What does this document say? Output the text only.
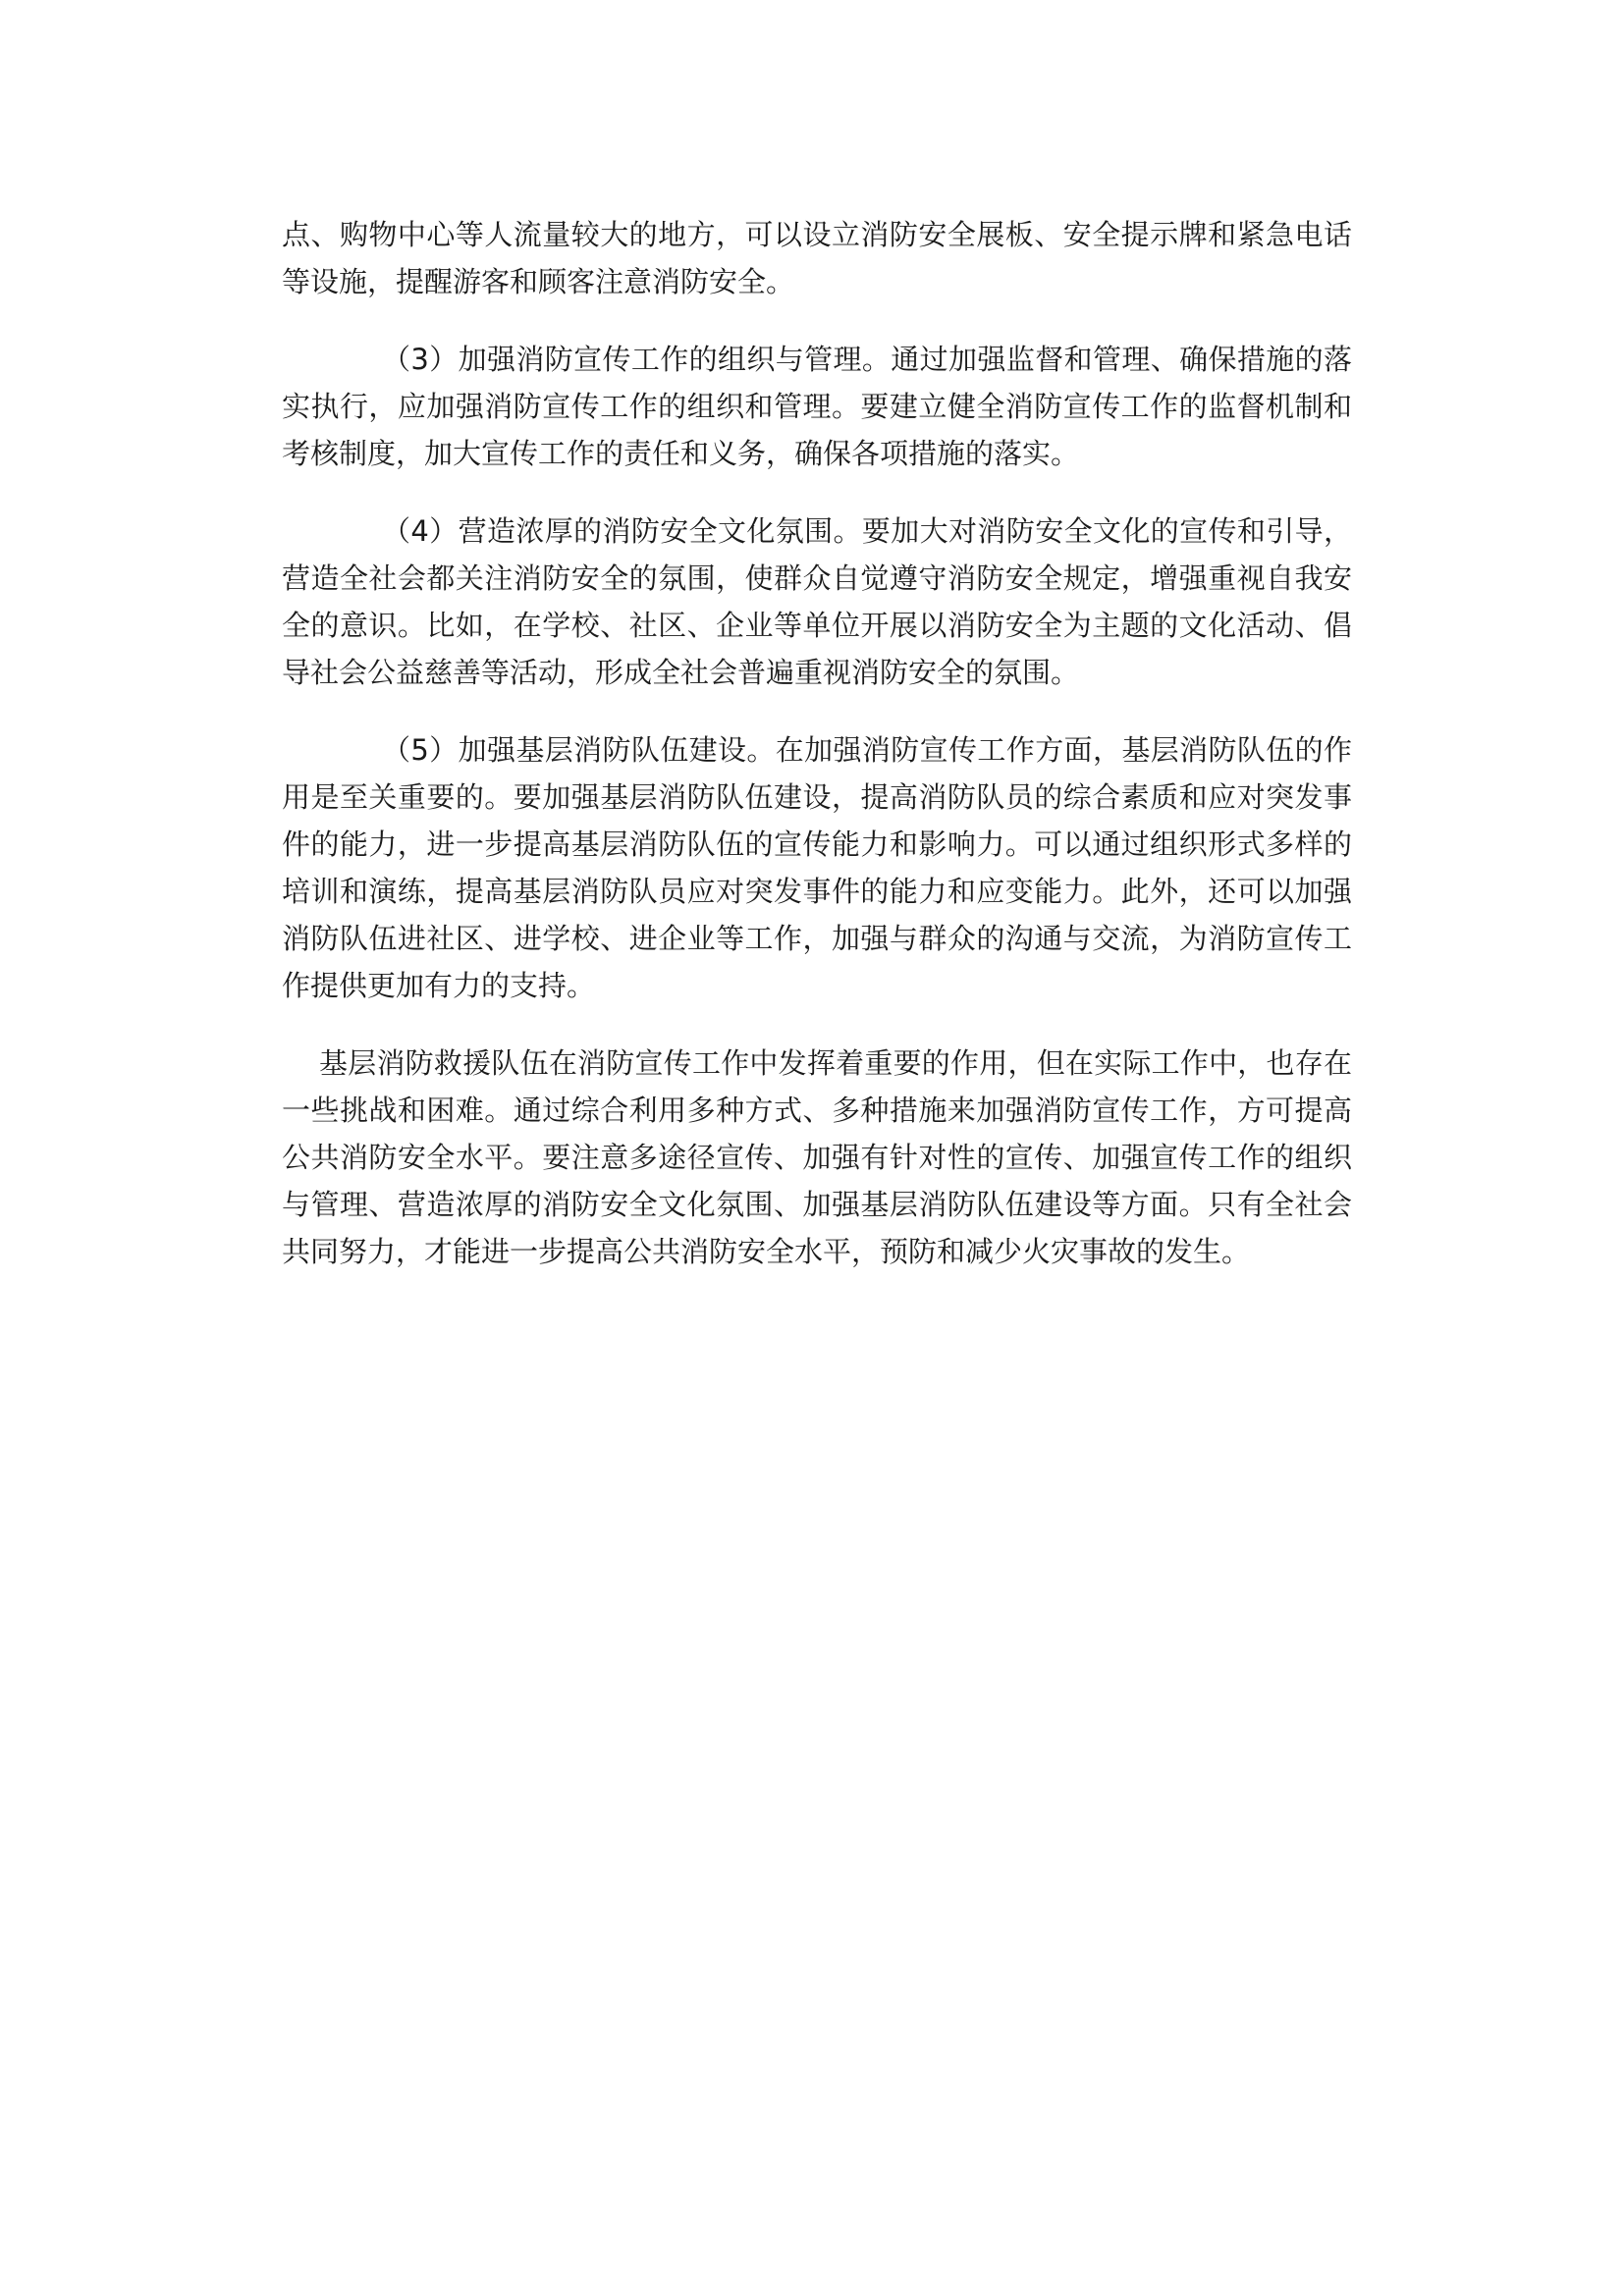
点、购物中心等人流量较大的地方，可以设立消防安全展板、安全提示牌和紧急电话等设施，提醒游客和顾客注意消防安全。

（3）加强消防宣传工作的组织与管理。通过加强监督和管理、确保措施的落实执行，应加强消防宣传工作的组织和管理。要建立健全消防宣传工作的监督机制和考核制度，加大宣传工作的责任和义务，确保各项措施的落实。

（4）营造浓厚的消防安全文化氛围。要加大对消防安全文化的宣传和引导，营造全社会都关注消防安全的氛围，使群众自觉遵守消防安全规定，增强重视自我安全的意识。比如，在学校、社区、企业等单位开展以消防安全为主题的文化活动、倡导社会公益慈善等活动，形成全社会普遍重视消防安全的氛围。

（5）加强基层消防队伍建设。在加强消防宣传工作方面，基层消防队伍的作用是至关重要的。要加强基层消防队伍建设，提高消防队员的综合素质和应对突发事件的能力，进一步提高基层消防队伍的宣传能力和影响力。可以通过组织形式多样的培训和演练，提高基层消防队员应对突发事件的能力和应变能力。此外，还可以加强消防队伍进社区、进学校、进企业等工作，加强与群众的沟通与交流，为消防宣传工作提供更加有力的支持。

基层消防救援队伍在消防宣传工作中发挥着重要的作用，但在实际工作中，也存在一些挑战和困难。通过综合利用多种方式、多种措施来加强消防宣传工作，方可提高公共消防安全水平。要注意多途径宣传、加强有针对性的宣传、加强宣传工作的组织与管理、营造浓厚的消防安全文化氛围、加强基层消防队伍建设等方面。只有全社会共同努力，才能进一步提高公共消防安全水平，预防和减少火灾事故的发生。
